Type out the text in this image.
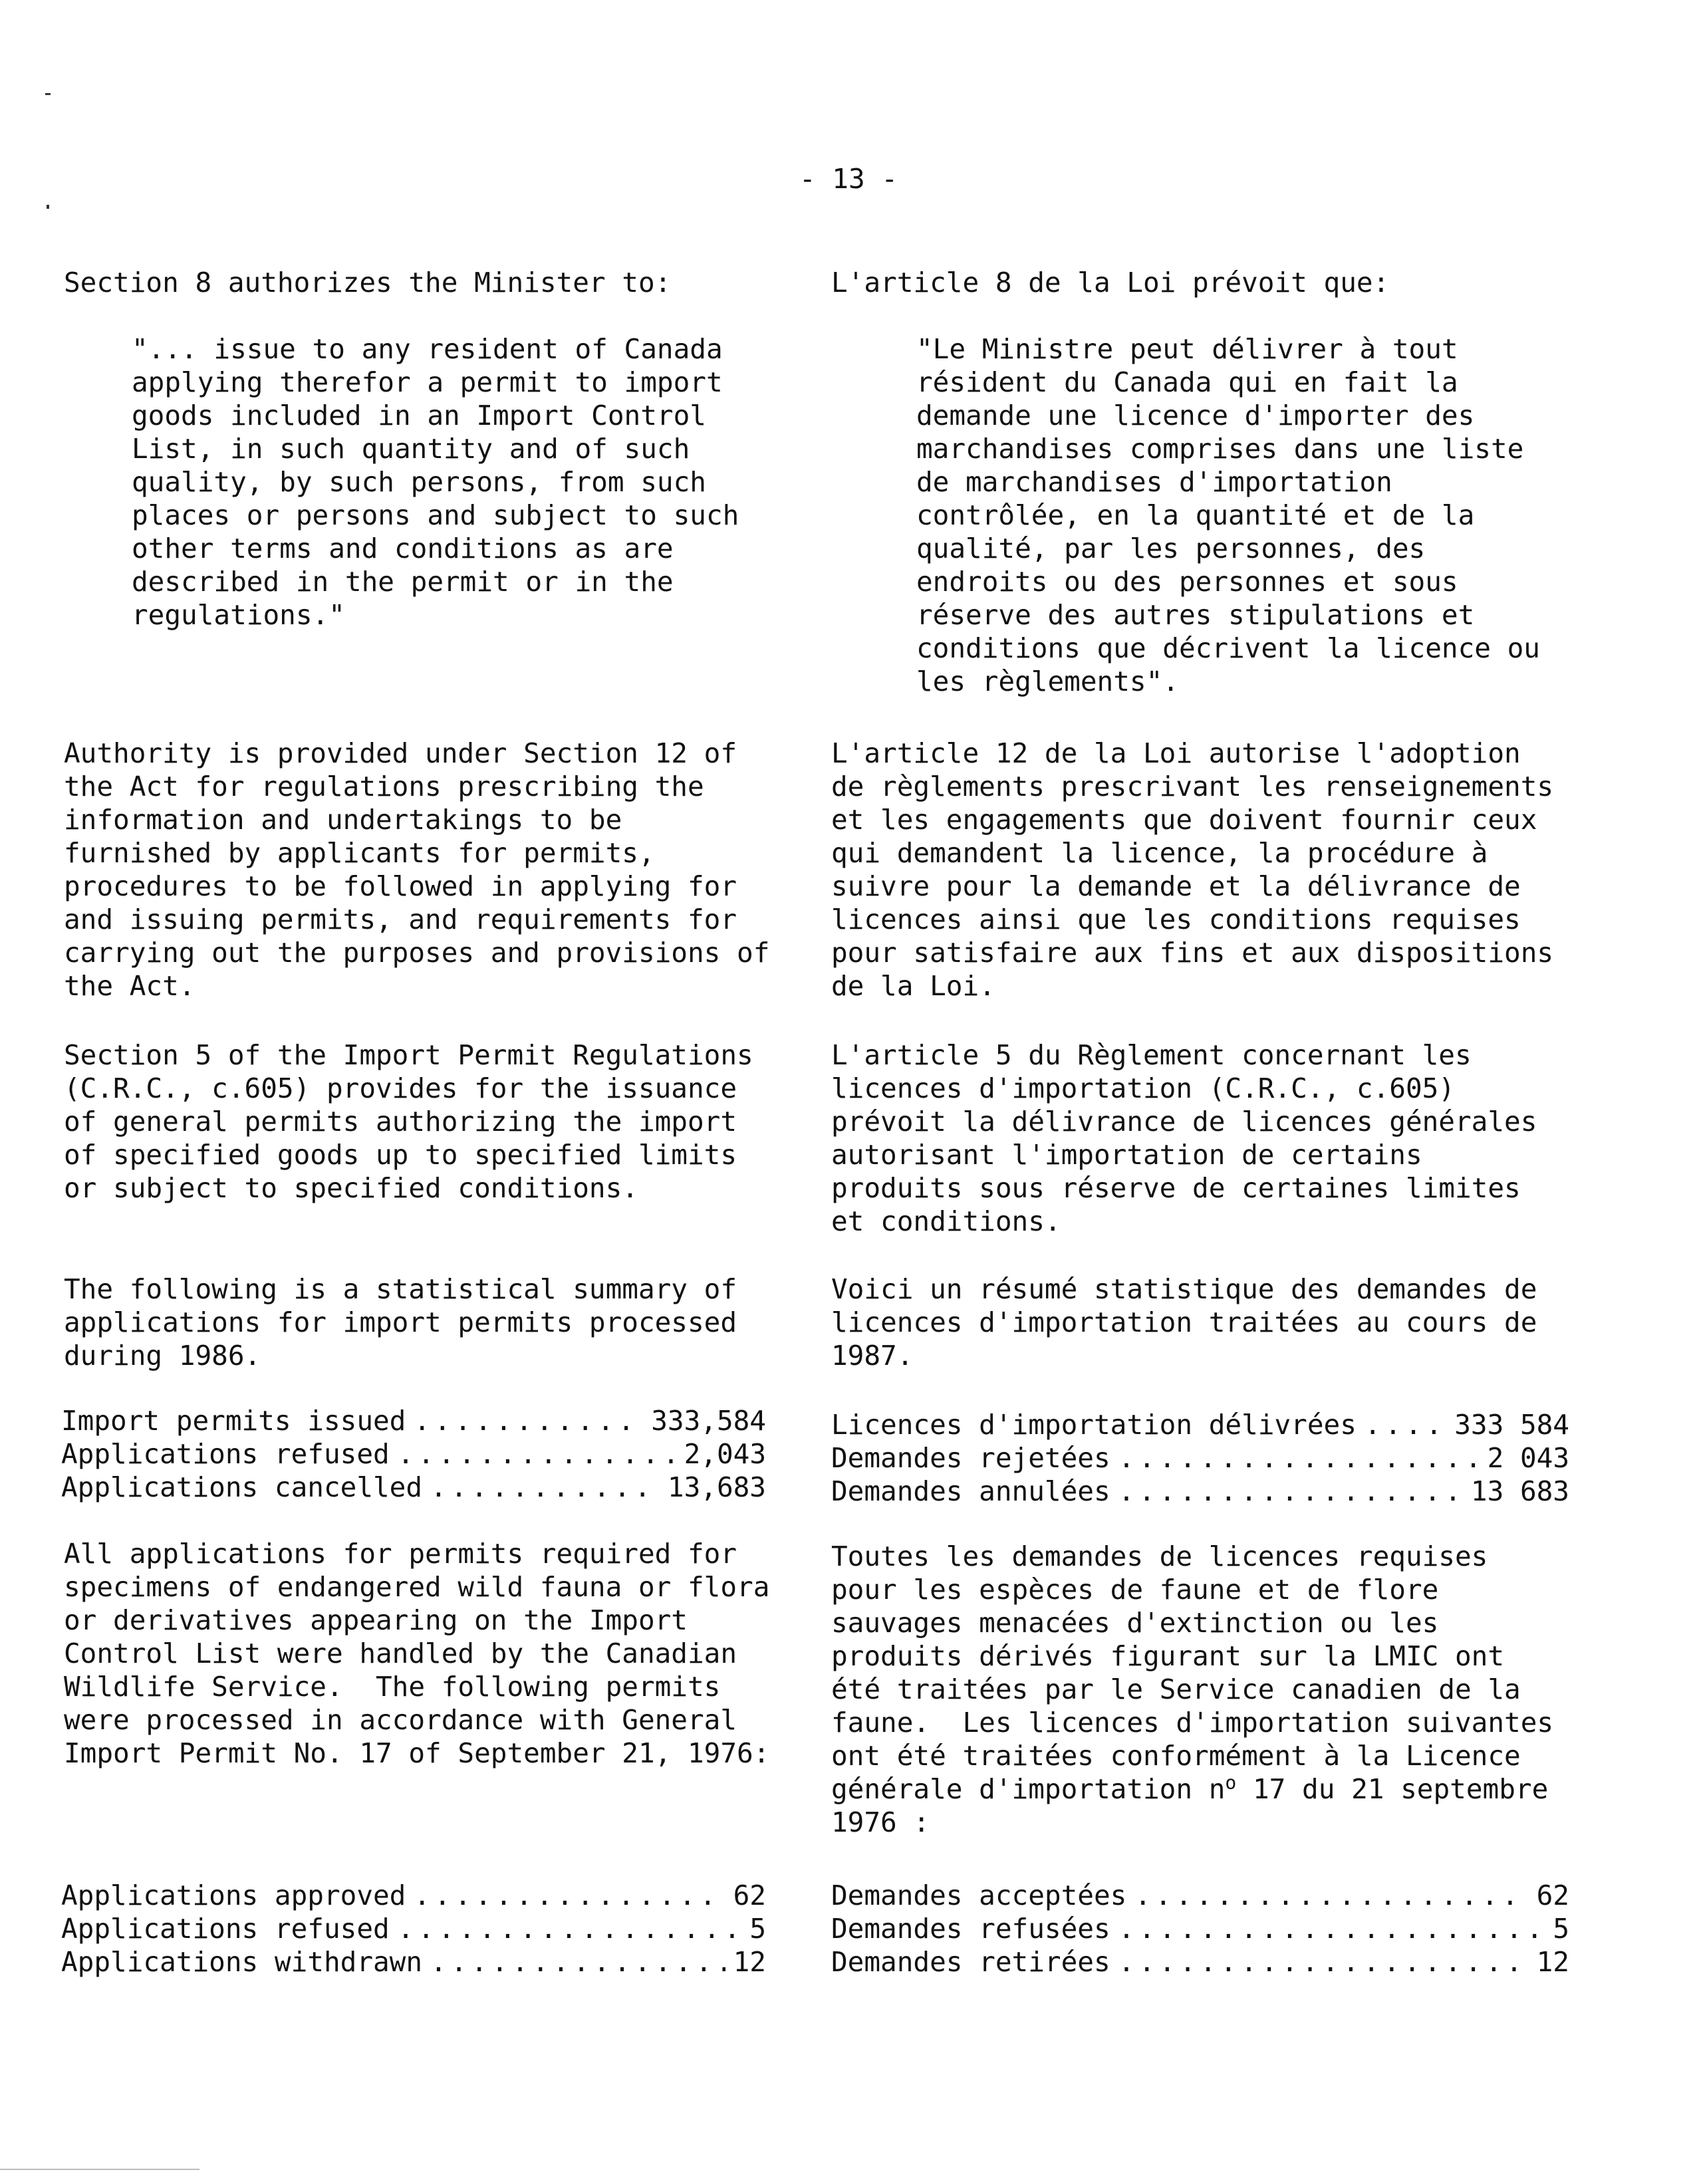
- 13 -
Section 8 authorizes the Minister to:
"... issue to any resident of Canada
applying therefor a permit to import
goods included in an Import Control
List, in such quantity and of such
quality, by such persons, from such
places or persons and subject to such
other terms and conditions as are
described in the permit or in the
regulations."
L'article 8 de la Loi prévoit que:
"Le Ministre peut délivrer à tout
résident du Canada qui en fait la
demande une licence d'importer des
marchandises comprises dans une liste
de marchandises d'importation
contrôlée, en la quantité et de la
qualité, par les personnes, des
endroits ou des personnes et sous
réserve des autres stipulations et
conditions que décrivent la licence ou
les règlements".
Authority is provided under Section 12 of
the Act for regulations prescribing the
information and undertakings to be
furnished by applicants for permits,
procedures to be followed in applying for
and issuing permits, and requirements for
carrying out the purposes and provisions of
the Act.
L'article 12 de la Loi autorise l'adoption
de règlements prescrivant les renseignements
et les engagements que doivent fournir ceux
qui demandent la licence, la procédure à
suivre pour la demande et la délivrance de
licences ainsi que les conditions requises
pour satisfaire aux fins et aux dispositions
de la Loi.
Section 5 of the Import Permit Regulations
(C.R.C., c.605) provides for the issuance
of general permits authorizing the import
of specified goods up to specified limits
or subject to specified conditions.
L'article 5 du Règlement concernant les
licences d'importation (C.R.C., c.605)
prévoit la délivrance de licences générales
autorisant l'importation de certains
produits sous réserve de certaines limites
et conditions.
The following is a statistical summary of
applications for import permits processed
during 1986.
Voici un résumé statistique des demandes de
licences d'importation traitées au cours de
1987.
Import permits issued .....	333,584
Applications refused .....	2,043
Applications cancelled .....	13,683
Licences d'importation délivrées .....	333 584
Demandes rejetées .....	2 043
Demandes annulées .....	13 683
All applications for permits required for
specimens of endangered wild fauna or flora
or derivatives appearing on the Import
Control List were handled by the Canadian
Wildlife Service.  The following permits
were processed in accordance with General
Import Permit No. 17 of September 21, 1976:
Toutes les demandes de licences requises
pour les espèces de faune et de flore
sauvages menacées d'extinction ou les
produits dérivés figurant sur la LMIC ont
été traitées par le Service canadien de la
faune.  Les licences d'importation suivantes
ont été traitées conformément à la Licence
générale d'importation $n^o$ 17 du 21 septembre
1976 :
Applications approved .....	62
Applications refused .....	5
Applications withdrawn .....	12
Demandes acceptées .....	62
Demandes refusées .....	5
Demandes retirées .....	12
